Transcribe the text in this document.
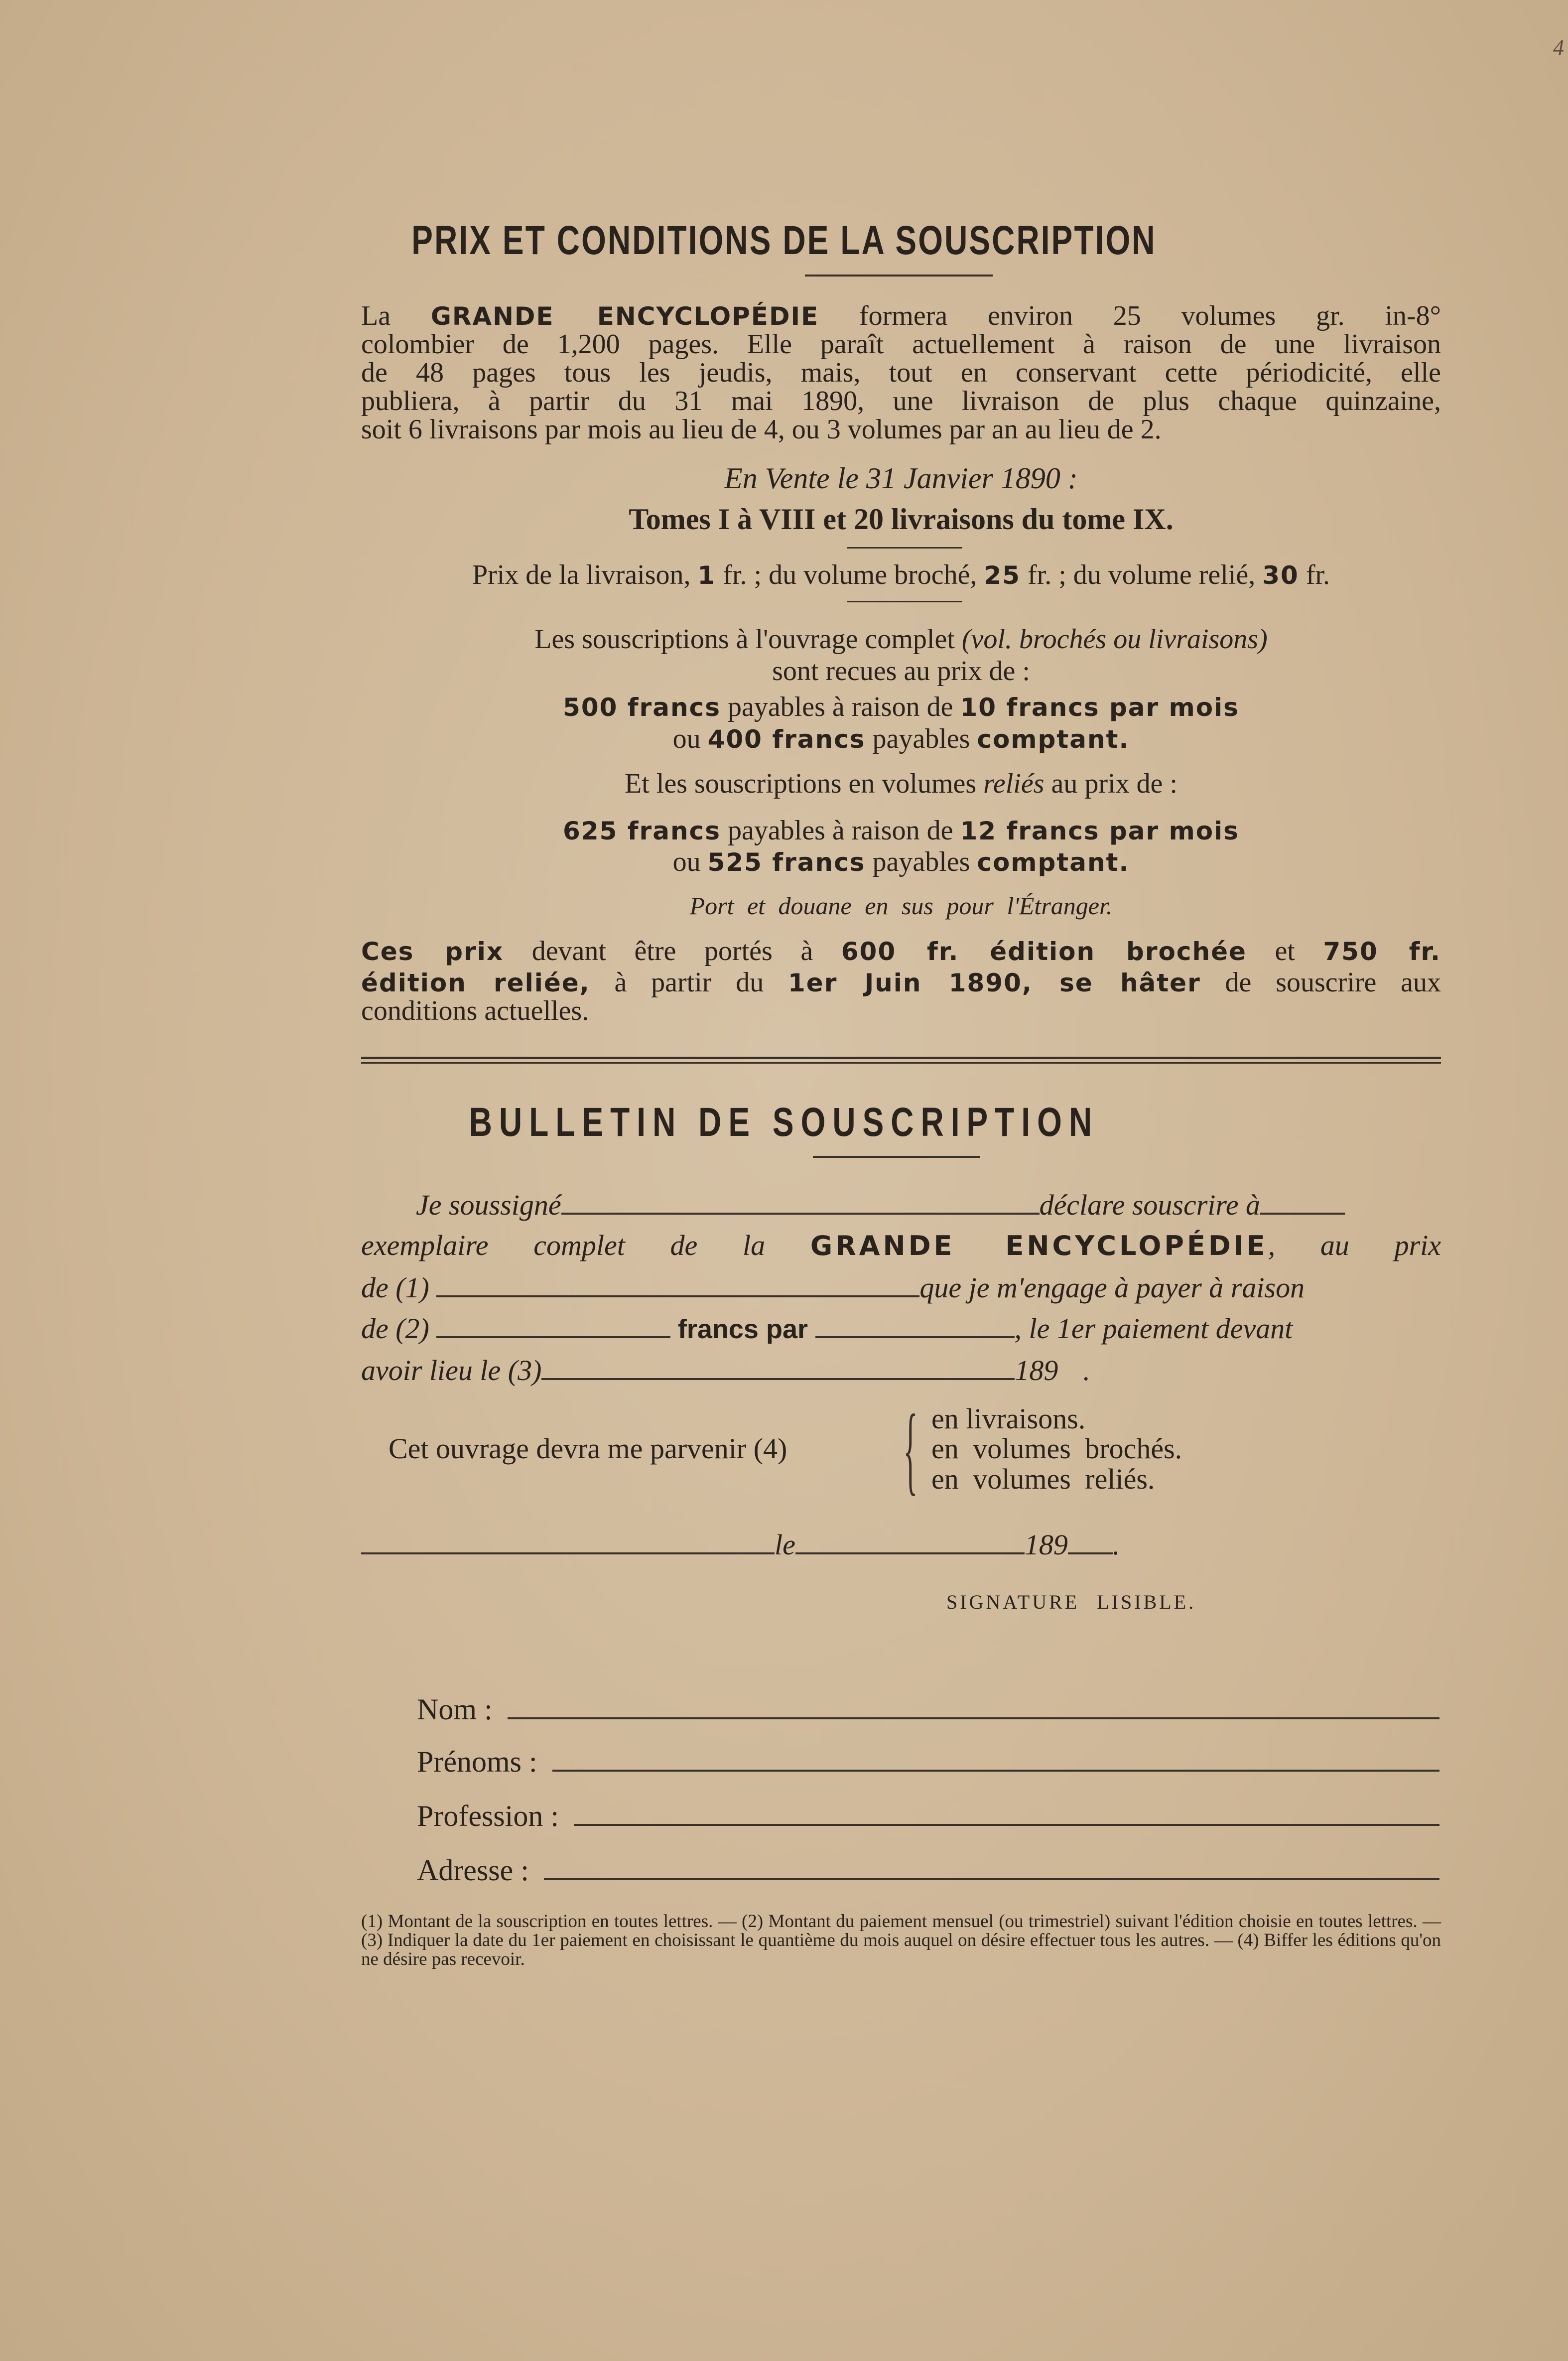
4
PRIX ET CONDITIONS DE LA SOUSCRIPTION
La GRANDE ENCYCLOPÉDIE formera environ 25 volumes gr. in-8°
colombier de 1,200 pages. Elle paraît actuellement à raison de une livraison
de 48 pages tous les jeudis, mais, tout en conservant cette périodicité, elle
publiera, à partir du 31 mai 1890, une livraison de plus chaque quinzaine,
soit 6 livraisons par mois au lieu de 4, ou 3 volumes par an au lieu de 2.
En Vente le 31 Janvier 1890 :
Tomes I à VIII et 20 livraisons du tome IX.
Prix de la livraison, 1 fr. ; du volume broché, 25 fr. ; du volume relié, 30 fr.
Les souscriptions à l'ouvrage complet (vol. brochés ou livraisons)
sont recues au prix de :
500 francs payables à raison de 10 francs par mois
ou 400 francs payables comptant.
Et les souscriptions en volumes reliés au prix de :
625 francs payables à raison de 12 francs par mois
ou 525 francs payables comptant.
Port et douane en sus pour l'Étranger.
Ces prix devant être portés à 600 fr. édition brochée et 750 fr.
édition reliée, à partir du 1er Juin 1890, se hâter de souscrire aux
conditions actuelles.
BULLETIN DE SOUSCRIPTION
Je soussigné	déclare souscrire à
exemplaire complet de la GRANDE ENCYCLOPÉDIE, au prix
de (1)	que je m'engage à payer à raison
de (2)	francs par	, le 1er paiement devant
avoir lieu le (3)	189 .
Cet ouvrage devra me parvenir (4) { en livraisons.
en volumes brochés.
en volumes reliés.
le	189 .
SIGNATURE LISIBLE.
Nom :
Prénoms :
Profession :
Adresse :
(1) Montant de la souscription en toutes lettres. — (2) Montant du paiement mensuel (ou trimestriel) suivant l'édition choisie en toutes lettres. — (3) Indiquer la date du 1er paiement en choisissant le quantième du mois auquel on désire effectuer tous les autres. — (4) Biffer les éditions qu'on ne désire pas recevoir.
